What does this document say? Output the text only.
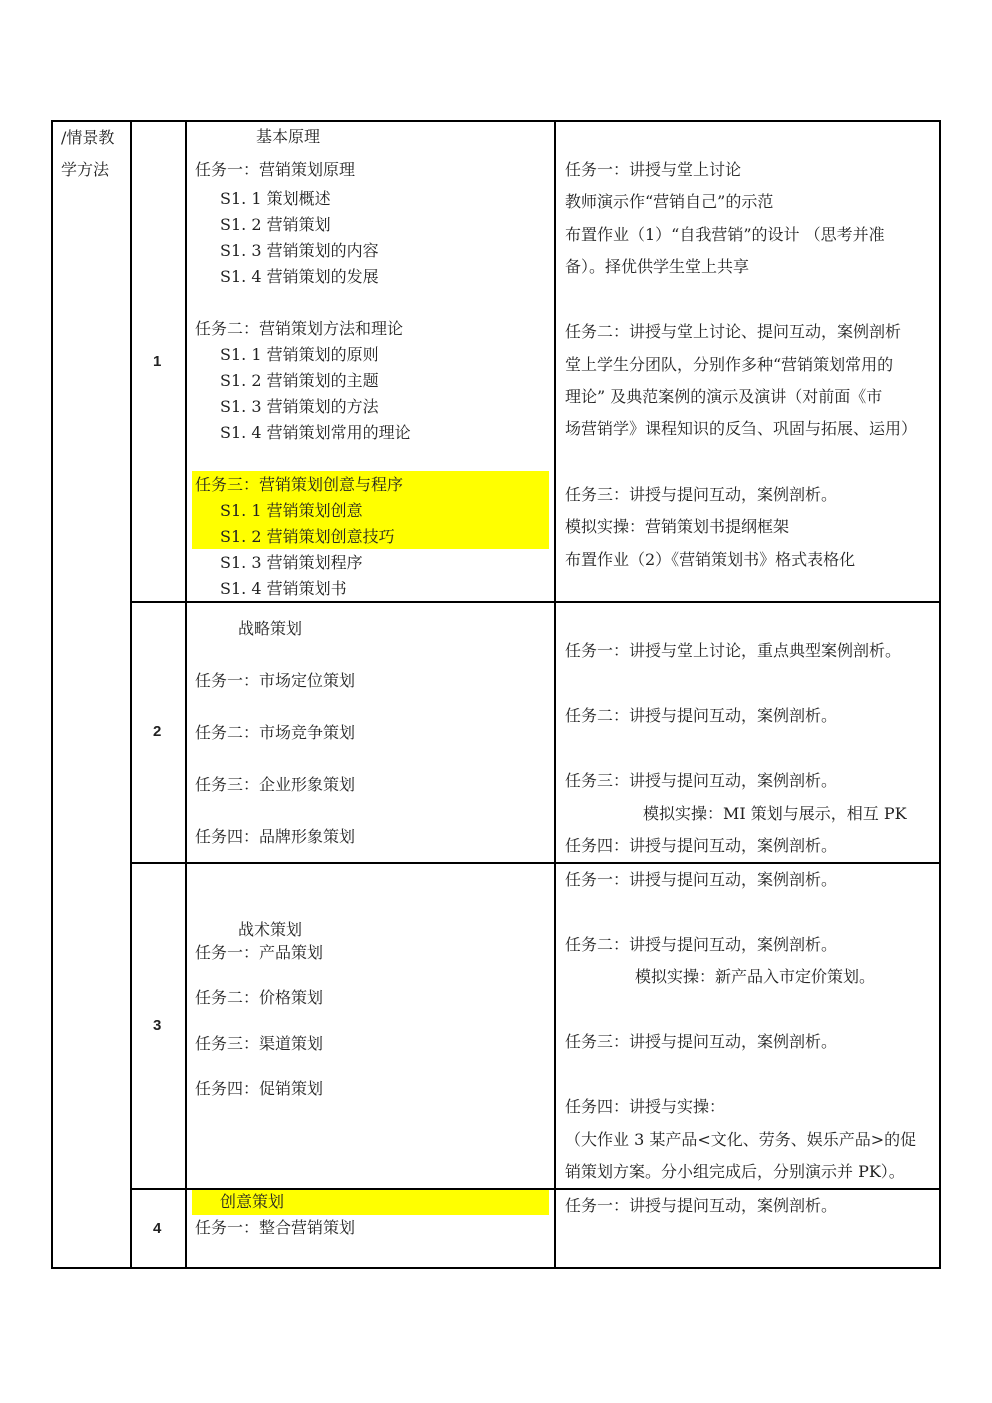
/情景教
学方法
1
2
3
4
基本原理
任务一：营销策划原理
S1. 1 策划概述
S1. 2 营销策划
S1. 3 营销策划的内容
S1. 4 营销策划的发展
任务二：营销策划方法和理论
S1. 1 营销策划的原则
S1. 2 营销策划的主题
S1. 3 营销策划的方法
S1. 4 营销策划常用的理论
任务三：营销策划创意与程序
S1. 1 营销策划创意
S1. 2 营销策划创意技巧
S1. 3 营销策划程序
S1. 4 营销策划书
任务一：讲授与堂上讨论
教师演示作“营销自己”的示范
布置作业（1）“自我营销”的设计 （思考并准
备）。择优供学生堂上共享
任务二：讲授与堂上讨论、提问互动，案例剖析
堂上学生分团队，分别作多种“营销策划常用的
理论” 及典范案例的演示及演讲（对前面《市
场营销学》课程知识的反刍、巩固与拓展、运用）
任务三：讲授与提问互动，案例剖析。
模拟实操：营销策划书提纲框架
布置作业（2）《营销策划书》格式表格化
战略策划
任务一：市场定位策划
任务二：市场竞争策划
任务三：企业形象策划
任务四：品牌形象策划
任务一：讲授与堂上讨论，重点典型案例剖析。
任务二：讲授与提问互动，案例剖析。
任务三：讲授与提问互动，案例剖析。
模拟实操：MI 策划与展示，相互 PK
任务四：讲授与提问互动，案例剖析。
战术策划
任务一：产品策划
任务二：价格策划
任务三：渠道策划
任务四：促销策划
任务一：讲授与提问互动，案例剖析。
任务二：讲授与提问互动，案例剖析。
模拟实操：新产品入市定价策划。
任务三：讲授与提问互动，案例剖析。
任务四：讲授与实操：
（大作业 3 某产品<文化、劳务、娱乐产品>的促
销策划方案。分小组完成后，分别演示并 PK）。
创意策划
任务一：整合营销策划
任务一：讲授与提问互动，案例剖析。
